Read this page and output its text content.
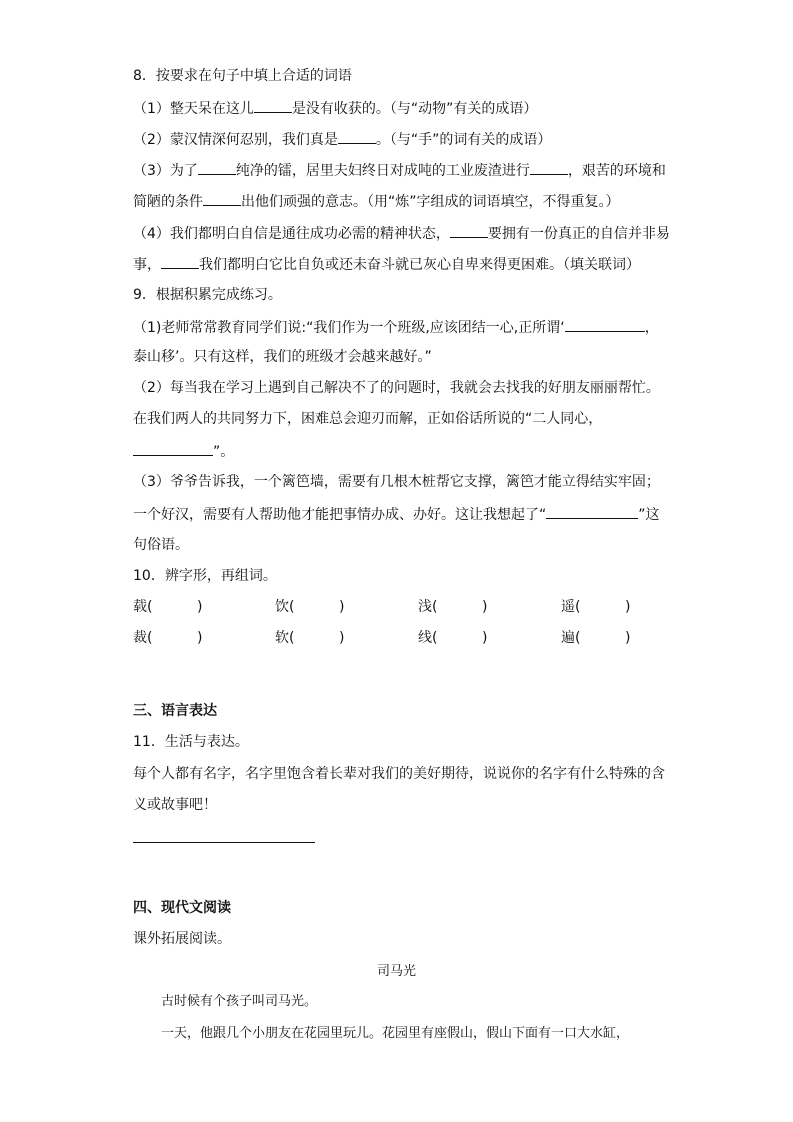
8．按要求在句子中填上合适的词语
（1）整天呆在这儿	是没有收获的。（与“动物”有关的成语）
（2）蒙汉情深何忍别，我们真是	。（与“手”的词有关的成语）
（3）为了	纯净的镭，居里夫妇终日对成吨的工业废渣进行	，艰苦的环境和
简陋的条件	出他们顽强的意志。（用“炼”字组成的词语填空，不得重复。）
（4）我们都明白自信是通往成功必需的精神状态，	要拥有一份真正的自信并非易
事，	我们都明白它比自负或还未奋斗就已灰心自卑来得更困难。（填关联词）
9．根据积累完成练习。
（1)老师常常教育同学们说:“我们作为一个班级,应该团结一心,正所谓‘	，
泰山移’。只有这样，我们的班级才会越来越好。”
（2）每当我在学习上遇到自己解决不了的问题时，我就会去找我的好朋友丽丽帮忙。
在我们两人的共同努力下，困难总会迎刃而解，正如俗话所说的“二人同心，
”。
（3）爷爷告诉我，一个篱笆墙，需要有几根木桩帮它支撑，篱笆才能立得结实牢固；
一个好汉，需要有人帮助他才能把事情办成、办好。这让我想起了“	”这
句俗语。
10．辨字形，再组词。
载(          )	饮(          )	浅(          )	遥(          )
裁(          )	软(          )	线(          )	遍(          )
三、语言表达
11．生活与表达。
每个人都有名字，名字里饱含着长辈对我们的美好期待，说说你的名字有什么特殊的含
义或故事吧！
四、现代文阅读
课外拓展阅读。
司马光
古时候有个孩子叫司马光。
一天，他跟几个小朋友在花园里玩儿。花园里有座假山，假山下面有一口大水缸，
